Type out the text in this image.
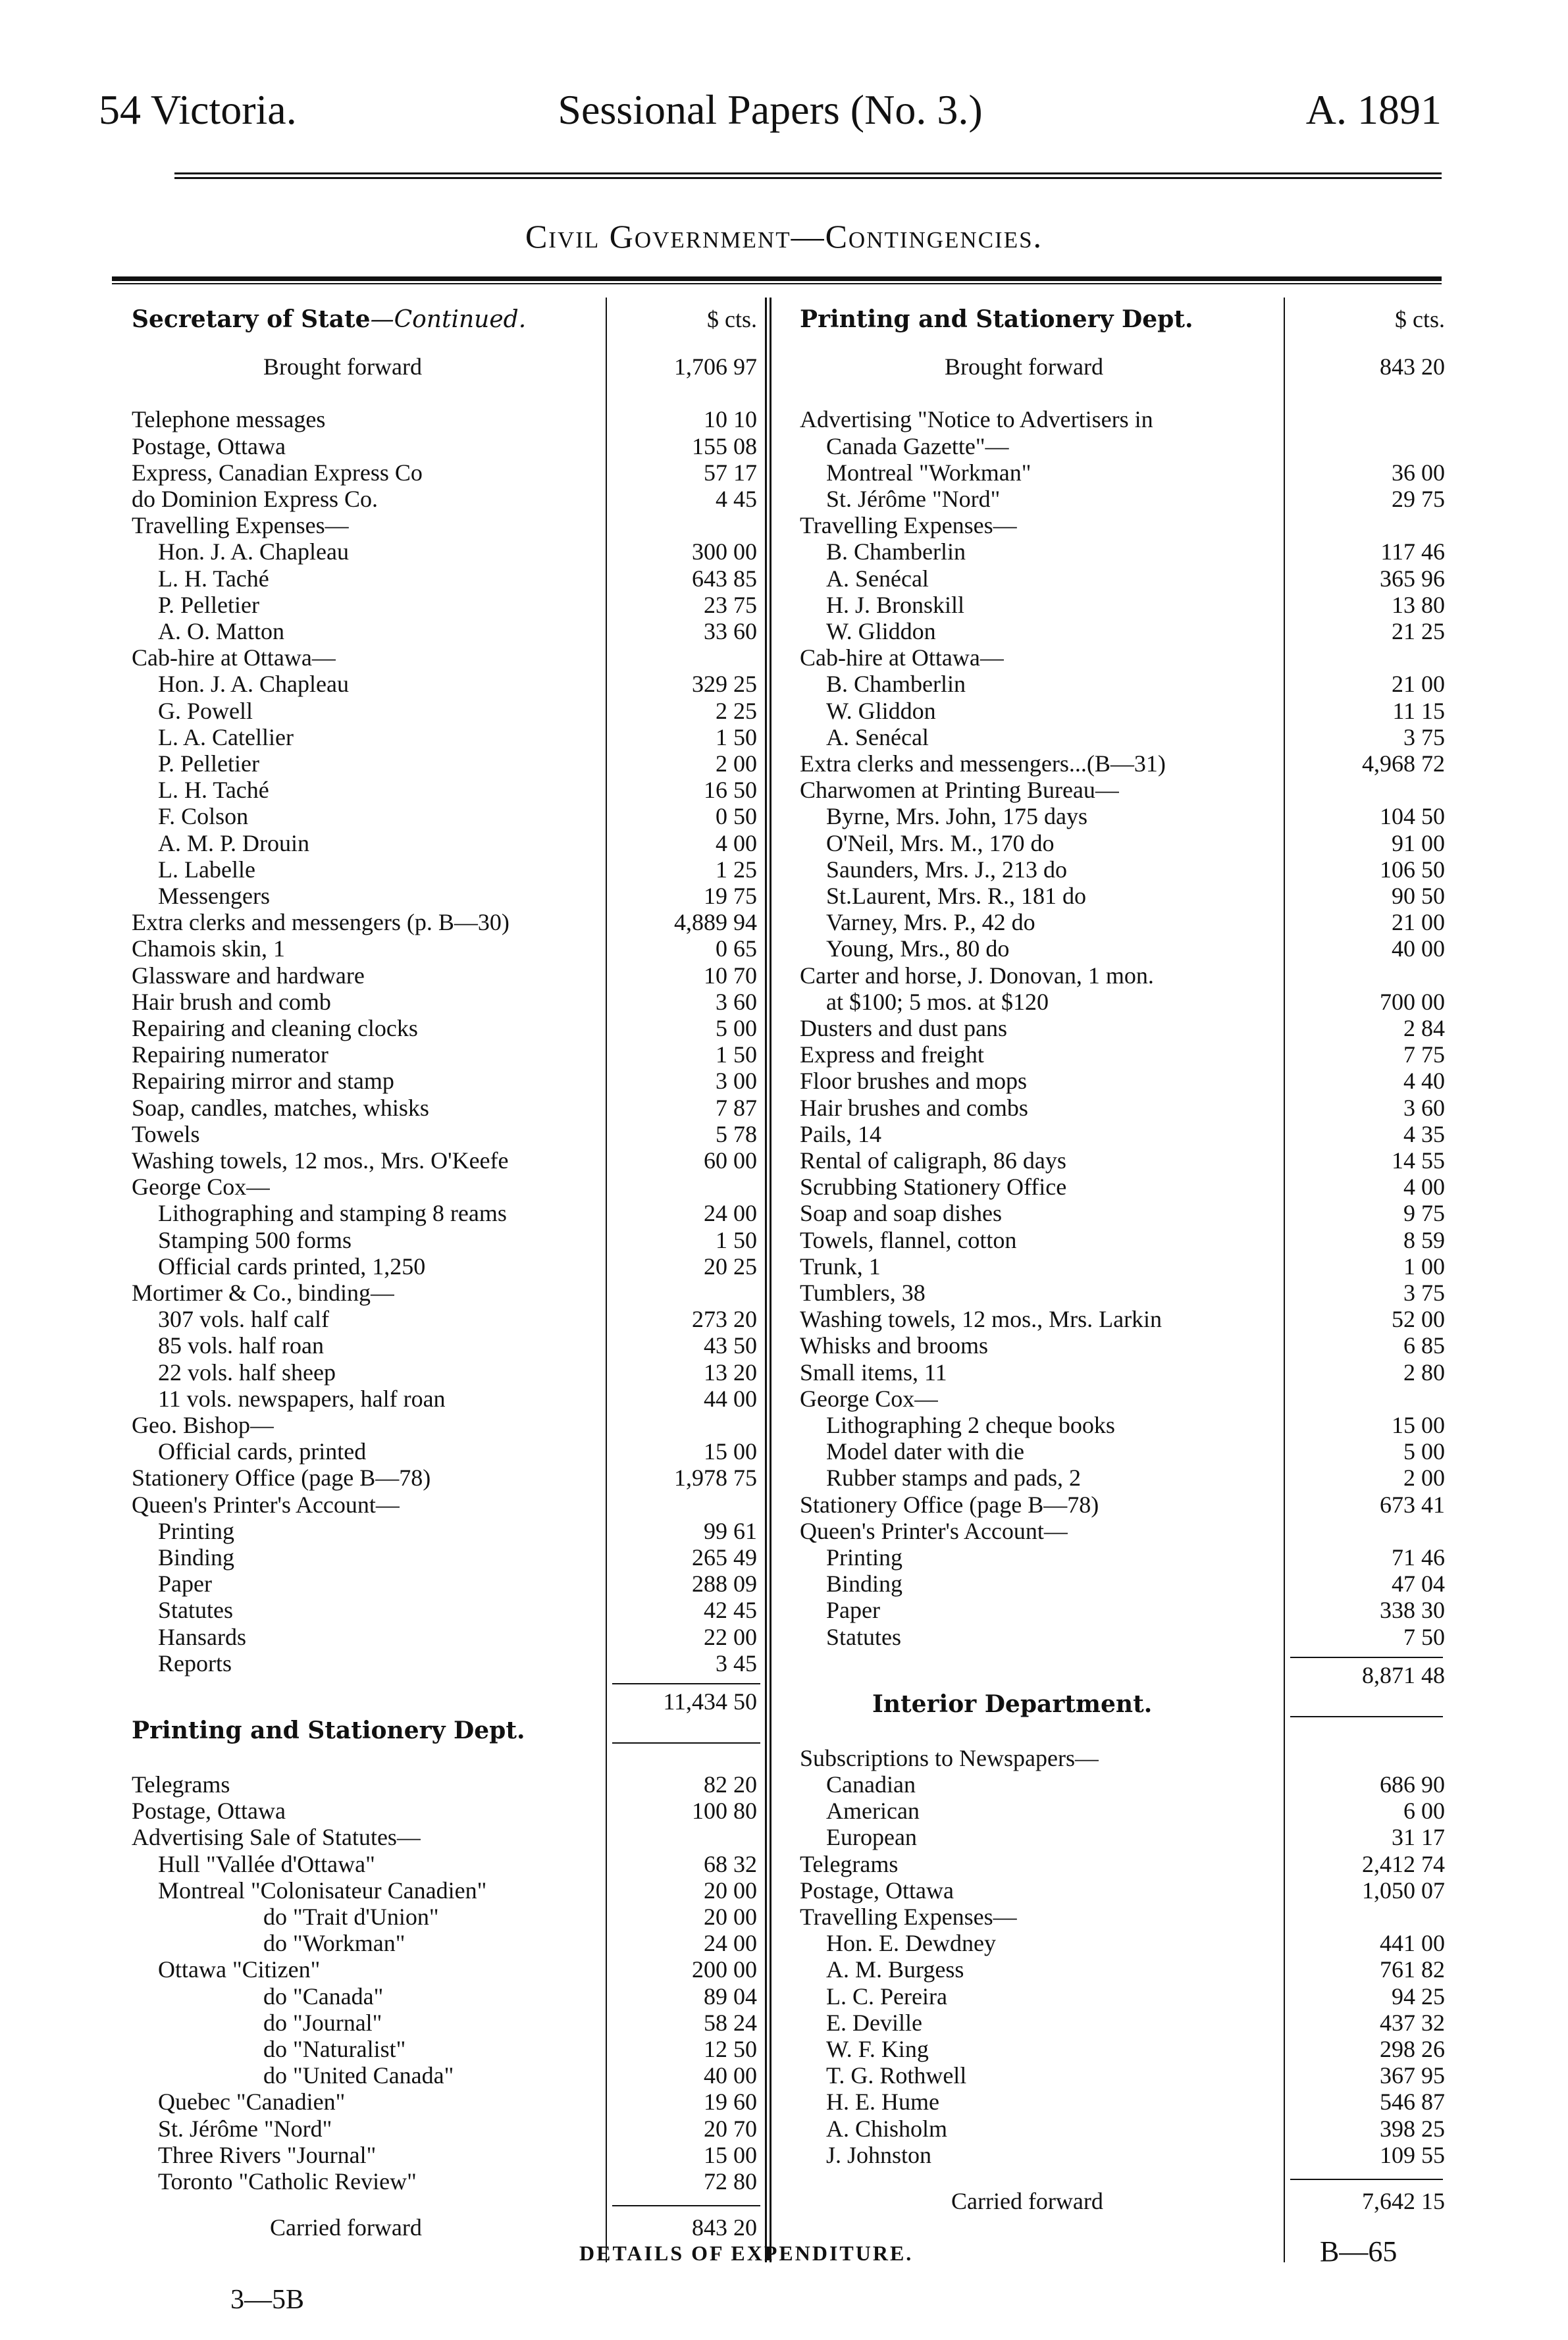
54 Victoria.	Sessional Papers (No. 3.)	A. 1891
Civil Government—Contingencies.
Secretary of State—Continued.	$ cts.
Brought forward	1,706 97
Telephone messages	10 10
Postage, Ottawa	155 08
Express, Canadian Express Co	57 17
do Dominion Express Co.	4 45
Travelling Expenses—
Hon. J. A. Chapleau	300 00
L. H. Taché	643 85
P. Pelletier	23 75
A. O. Matton	33 60
Cab-hire at Ottawa—
Hon. J. A. Chapleau	329 25
G. Powell	2 25
L. A. Catellier	1 50
P. Pelletier	2 00
L. H. Taché	16 50
F. Colson	0 50
A. M. P. Drouin	4 00
L. Labelle	1 25
Messengers	19 75
Extra clerks and messengers (p. B—30)	4,889 94
Chamois skin, 1	0 65
Glassware and hardware	10 70
Hair brush and comb	3 60
Repairing and cleaning clocks	5 00
Repairing numerator	1 50
Repairing mirror and stamp	3 00
Soap, candles, matches, whisks	7 87
Towels	5 78
Washing towels, 12 mos., Mrs. O'Keefe	60 00
George Cox—
Lithographing and stamping 8 reams	24 00
Stamping 500 forms	1 50
Official cards printed, 1,250	20 25
Mortimer & Co., binding—
307 vols. half calf	273 20
85 vols. half roan	43 50
22 vols. half sheep	13 20
11 vols. newspapers, half roan	44 00
Geo. Bishop—
Official cards, printed	15 00
Stationery Office (page B—78)	1,978 75
Queen's Printer's Account—
Printing	99 61
Binding	265 49
Paper	288 09
Statutes	42 45
Hansards	22 00
Reports	3 45
11,434 50
Printing and Stationery Dept.
Telegrams	82 20
Postage, Ottawa	100 80
Advertising Sale of Statutes—
Hull "Vallée d'Ottawa"	68 32
Montreal "Colonisateur Canadien"	20 00
do "Trait d'Union"	20 00
do "Workman"	24 00
Ottawa "Citizen"	200 00
do "Canada"	89 04
do "Journal"	58 24
do "Naturalist"	12 50
do "United Canada"	40 00
Quebec "Canadien"	19 60
St. Jérôme "Nord"	20 70
Three Rivers "Journal"	15 00
Toronto "Catholic Review"	72 80
Carried forward	843 20
Printing and Stationery Dept.	$ cts.
Brought forward	843 20
Advertising "Notice to Advertisers in
Canada Gazette"—
Montreal "Workman"	36 00
St. Jérôme "Nord"	29 75
Travelling Expenses—
B. Chamberlin	117 46
A. Senécal	365 96
H. J. Bronskill	13 80
W. Gliddon	21 25
Cab-hire at Ottawa—
B. Chamberlin	21 00
W. Gliddon	11 15
A. Senécal	3 75
Extra clerks and messengers...(B—31)	4,968 72
Charwomen at Printing Bureau—
Byrne, Mrs. John, 175 days	104 50
O'Neil, Mrs. M., 170 do	91 00
Saunders, Mrs. J., 213 do	106 50
St.Laurent, Mrs. R., 181 do	90 50
Varney, Mrs. P., 42 do	21 00
Young, Mrs., 80 do	40 00
Carter and horse, J. Donovan, 1 mon.
at $100; 5 mos. at $120	700 00
Dusters and dust pans	2 84
Express and freight	7 75
Floor brushes and mops	4 40
Hair brushes and combs	3 60
Pails, 14	4 35
Rental of caligraph, 86 days	14 55
Scrubbing Stationery Office	4 00
Soap and soap dishes	9 75
Towels, flannel, cotton	8 59
Trunk, 1	1 00
Tumblers, 38	3 75
Washing towels, 12 mos., Mrs. Larkin	52 00
Whisks and brooms	6 85
Small items, 11	2 80
George Cox—
Lithographing 2 cheque books	15 00
Model dater with die	5 00
Rubber stamps and pads, 2	2 00
Stationery Office (page B—78)	673 41
Queen's Printer's Account—
Printing	71 46
Binding	47 04
Paper	338 30
Statutes	7 50
8,871 48
Interior Department.
Subscriptions to Newspapers—
Canadian	686 90
American	6 00
European	31 17
Telegrams	2,412 74
Postage, Ottawa	1,050 07
Travelling Expenses—
Hon. E. Dewdney	441 00
A. M. Burgess	761 82
L. C. Pereira	94 25
E. Deville	437 32
W. F. King	298 26
T. G. Rothwell	367 95
H. E. Hume	546 87
A. Chisholm	398 25
J. Johnston	109 55
Carried forward	7,642 15
3—5B
DETAILS OF EXPENDITURE.	B—65
